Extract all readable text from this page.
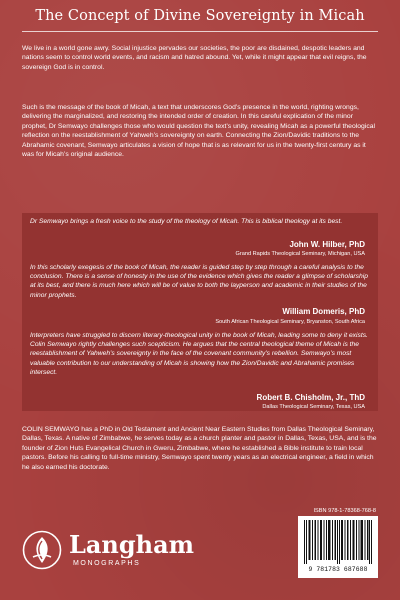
The Concept of Divine Sovereignty in Micah

We live in a world gone awry. Social injustice pervades our societies, the poor are disdained, despotic leaders and nations seem to control world events, and racism and hatred abound. Yet, while it might appear that evil reigns, the sovereign God is in control.

Such is the message of the book of Micah, a text that underscores God’s presence in the world, righting wrongs, delivering the marginalized, and restoring the intended order of creation. In this careful explication of the minor prophet, Dr Semwayo challenges those who would question the text’s unity, revealing Micah as a powerful theological reflection on the reestablishment of Yahweh’s sovereignty on earth. Connecting the Zion/Davidic traditions to the Abrahamic covenant, Semwayo articulates a vision of hope that is as relevant for us in the twenty-first century as it was for Micah’s original audience.

Dr Semwayo brings a fresh voice to the study of the theology of Micah. This is biblical theology at its best.

John W. Hilber, PhD
Grand Rapids Theological Seminary, Michigan, USA

In this scholarly exegesis of the book of Micah, the reader is guided step by step through a careful analysis to the conclusion. There is a sense of honesty in the use of the evidence which gives the reader a glimpse of scholarship at its best, and there is much here which will be of value to both the layperson and academic in their studies of the minor prophets.

William Domeris, PhD
South African Theological Seminary, Bryanston, South Africa

Interpreters have struggled to discern literary-theological unity in the book of Micah, leading some to deny it exists. Colin Semwayo rightly challenges such scepticism. He argues that the central theological theme of Micah is the reestablishment of Yahweh’s sovereignty in the face of the covenant community’s rebellion. Semwayo’s most valuable contribution to our understanding of Micah is showing how the Zion/Davidic and Abrahamic promises intersect.

Robert B. Chisholm, Jr., ThD
Dallas Theological Seminary, Texas, USA

COLIN SEMWAYO has a PhD in Old Testament and Ancient Near Eastern Studies from Dallas Theological Seminary, Dallas, Texas. A native of Zimbabwe, he serves today as a church planter and pastor in Dallas, Texas, USA, and is the founder of Zion Huts Evangelical Church in Gweru, Zimbabwe, where he established a Bible institute to train local pastors. Before his calling to full-time ministry, Semwayo spent twenty years as an electrical engineer, a field in which he also earned his doctorate.

Langham
MONOGRAPHS
ISBN 978-1-78368-768-8
9 781783 687688
